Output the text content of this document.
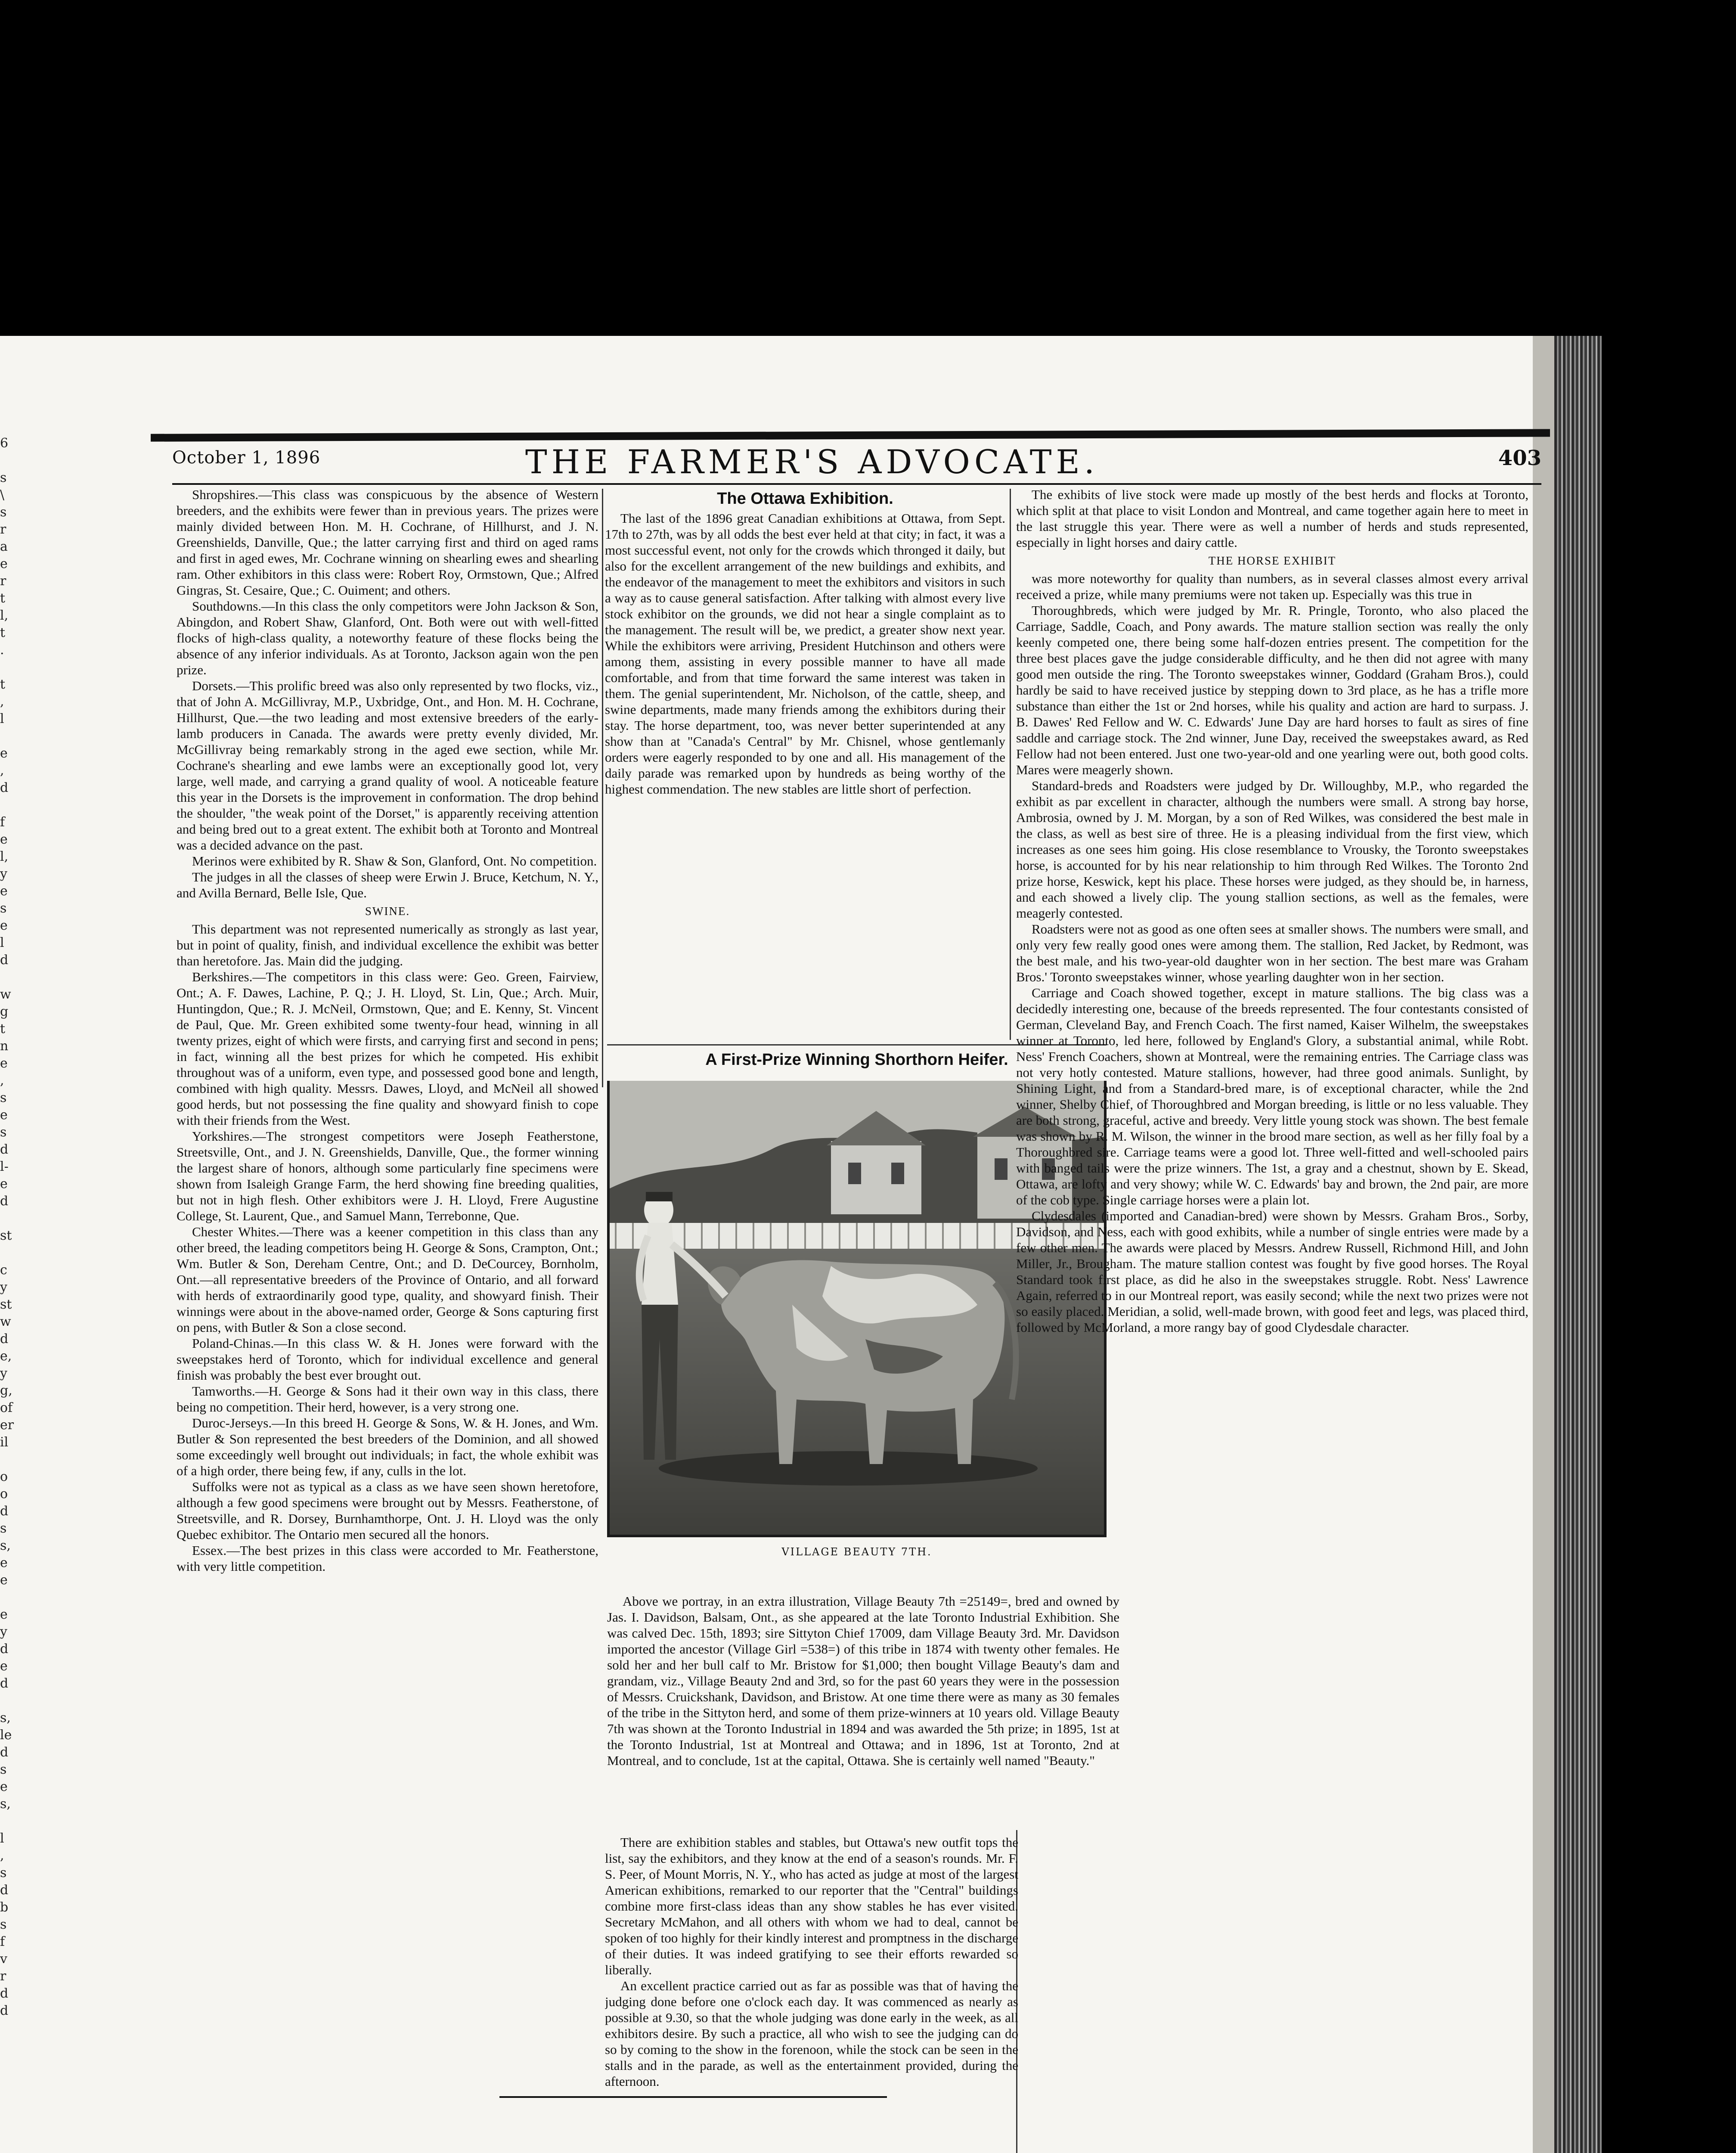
6

s
\
s
r
a
e
r
t
l,
t
.

t
,
l

e
,
d

f
e
l,
y
e
s
e
l
d

w
g
t
n
e
,
s
e
s
d
l-
e
d

st

c
y
st
w
d
e,
y
g,
of
er
il

o
o
d
s
s,
e
e

e
y
d
e
d

s,
le
d
s
e
s,

l
,
s
d
b
s
f
v
r
d
d
October 1, 1896	THE FARMER'S ADVOCATE.	403

Shropshires.—This class was conspicuous by the absence of Western breeders, and the exhibits were fewer than in previous years. The prizes were mainly divided between Hon. M. H. Cochrane, of Hillhurst, and J. N. Greenshields, Danville, Que.; the latter carrying first and third on aged rams and first in aged ewes, Mr. Cochrane winning on shearling ewes and shearling ram. Other exhibitors in this class were: Robert Roy, Ormstown, Que.; Alfred Gingras, St. Cesaire, Que.; C. Ouiment; and others.

Southdowns.—In this class the only competitors were John Jackson & Son, Abingdon, and Robert Shaw, Glanford, Ont. Both were out with well-fitted flocks of high-class quality, a noteworthy feature of these flocks being the absence of any inferior individuals. As at Toronto, Jackson again won the pen prize.

Dorsets.—This prolific breed was also only represented by two flocks, viz., that of John A. McGillivray, M.P., Uxbridge, Ont., and Hon. M. H. Cochrane, Hillhurst, Que.—the two leading and most extensive breeders of the early-lamb producers in Canada. The awards were pretty evenly divided, Mr. McGillivray being remarkably strong in the aged ewe section, while Mr. Cochrane's shearling and ewe lambs were an exceptionally good lot, very large, well made, and carrying a grand quality of wool. A noticeable feature this year in the Dorsets is the improvement in conformation. The drop behind the shoulder, "the weak point of the Dorset," is apparently receiving attention and being bred out to a great extent. The exhibit both at Toronto and Montreal was a decided advance on the past.

Merinos were exhibited by R. Shaw & Son, Glanford, Ont. No competition.

The judges in all the classes of sheep were Erwin J. Bruce, Ketchum, N. Y., and Avilla Bernard, Belle Isle, Que.

SWINE.

This department was not represented numerically as strongly as last year, but in point of quality, finish, and individual excellence the exhibit was better than heretofore. Jas. Main did the judging.

Berkshires.—The competitors in this class were: Geo. Green, Fairview, Ont.; A. F. Dawes, Lachine, P. Q.; J. H. Lloyd, St. Lin, Que.; Arch. Muir, Huntingdon, Que.; R. J. McNeil, Ormstown, Que; and E. Kenny, St. Vincent de Paul, Que. Mr. Green exhibited some twenty-four head, winning in all twenty prizes, eight of which were firsts, and carrying first and second in pens; in fact, winning all the best prizes for which he competed. His exhibit throughout was of a uniform, even type, and possessed good bone and length, combined with high quality. Messrs. Dawes, Lloyd, and McNeil all showed good herds, but not possessing the fine quality and showyard finish to cope with their friends from the West.

Yorkshires.—The strongest competitors were Joseph Featherstone, Streetsville, Ont., and J. N. Greenshields, Danville, Que., the former winning the largest share of honors, although some particularly fine specimens were shown from Isaleigh Grange Farm, the herd showing fine breeding qualities, but not in high flesh. Other exhibitors were J. H. Lloyd, Frere Augustine College, St. Laurent, Que., and Samuel Mann, Terrebonne, Que.

Chester Whites.—There was a keener competition in this class than any other breed, the leading competitors being H. George & Sons, Crampton, Ont.; Wm. Butler & Son, Dereham Centre, Ont.; and D. DeCourcey, Bornholm, Ont.—all representative breeders of the Province of Ontario, and all forward with herds of extraordinarily good type, quality, and showyard finish. Their winnings were about in the above-named order, George & Sons capturing first on pens, with Butler & Son a close second.

Poland-Chinas.—In this class W. & H. Jones were forward with the sweepstakes herd of Toronto, which for individual excellence and general finish was probably the best ever brought out.

Tamworths.—H. George & Sons had it their own way in this class, there being no competition. Their herd, however, is a very strong one.

Duroc-Jerseys.—In this breed H. George & Sons, W. & H. Jones, and Wm. Butler & Son represented the best breeders of the Dominion, and all showed some exceedingly well brought out individuals; in fact, the whole exhibit was of a high order, there being few, if any, culls in the lot.

Suffolks were not as typical as a class as we have seen shown heretofore, although a few good specimens were brought out by Messrs. Featherstone, of Streetsville, and R. Dorsey, Burnhamthorpe, Ont. J. H. Lloyd was the only Quebec exhibitor. The Ontario men secured all the honors.

Essex.—The best prizes in this class were accorded to Mr. Featherstone, with very little competition.

The Ottawa Exhibition.

The last of the 1896 great Canadian exhibitions at Ottawa, from Sept. 17th to 27th, was by all odds the best ever held at that city; in fact, it was a most successful event, not only for the crowds which thronged it daily, but also for the excellent arrangement of the new buildings and exhibits, and the endeavor of the management to meet the exhibitors and visitors in such a way as to cause general satisfaction. After talking with almost every live stock exhibitor on the grounds, we did not hear a single complaint as to the management. The result will be, we predict, a greater show next year. While the exhibitors were arriving, President Hutchinson and others were among them, assisting in every possible manner to have all made comfortable, and from that time forward the same interest was taken in them. The genial superintendent, Mr. Nicholson, of the cattle, sheep, and swine departments, made many friends among the exhibitors during their stay. The horse department, too, was never better superintended at any show than at "Canada's Central" by Mr. Chisnel, whose gentlemanly orders were eagerly responded to by one and all. His management of the daily parade was remarked upon by hundreds as being worthy of the highest commendation. The new stables are little short of perfection.

A First-Prize Winning Shorthorn Heifer.
VILLAGE BEAUTY 7TH.

Above we portray, in an extra illustration, Village Beauty 7th =25149=, bred and owned by Jas. I. Davidson, Balsam, Ont., as she appeared at the late Toronto Industrial Exhibition. She was calved Dec. 15th, 1893; sire Sittyton Chief 17009, dam Village Beauty 3rd. Mr. Davidson imported the ancestor (Village Girl =538=) of this tribe in 1874 with twenty other females. He sold her and her bull calf to Mr. Bristow for $1,000; then bought Village Beauty's dam and grandam, viz., Village Beauty 2nd and 3rd, so for the past 60 years they were in the possession of Messrs. Cruickshank, Davidson, and Bristow. At one time there were as many as 30 females of the tribe in the Sittyton herd, and some of them prize-winners at 10 years old. Village Beauty 7th was shown at the Toronto Industrial in 1894 and was awarded the 5th prize; in 1895, 1st at the Toronto Industrial, 1st at Montreal and Ottawa; and in 1896, 1st at Toronto, 2nd at Montreal, and to conclude, 1st at the capital, Ottawa. She is certainly well named "Beauty."

There are exhibition stables and stables, but Ottawa's new outfit tops the list, say the exhibitors, and they know at the end of a season's rounds. Mr. F. S. Peer, of Mount Morris, N. Y., who has acted as judge at most of the largest American exhibitions, remarked to our reporter that the "Central" buildings combine more first-class ideas than any show stables he has ever visited. Secretary McMahon, and all others with whom we had to deal, cannot be spoken of too highly for their kindly interest and promptness in the discharge of their duties. It was indeed gratifying to see their efforts rewarded so liberally.

An excellent practice carried out as far as possible was that of having the judging done before one o'clock each day. It was commenced as nearly as possible at 9.30, so that the whole judging was done early in the week, as all exhibitors desire. By such a practice, all who wish to see the judging can do so by coming to the show in the forenoon, while the stock can be seen in the stalls and in the parade, as well as the entertainment provided, during the afternoon.

The exhibits of live stock were made up mostly of the best herds and flocks at Toronto, which split at that place to visit London and Montreal, and came together again here to meet in the last struggle this year. There were as well a number of herds and studs represented, especially in light horses and dairy cattle.

THE HORSE EXHIBIT

was more noteworthy for quality than numbers, as in several classes almost every arrival received a prize, while many premiums were not taken up. Especially was this true in

Thoroughbreds, which were judged by Mr. R. Pringle, Toronto, who also placed the Carriage, Saddle, Coach, and Pony awards. The mature stallion section was really the only keenly competed one, there being some half-dozen entries present. The competition for the three best places gave the judge considerable difficulty, and he then did not agree with many good men outside the ring. The Toronto sweepstakes winner, Goddard (Graham Bros.), could hardly be said to have received justice by stepping down to 3rd place, as he has a trifle more substance than either the 1st or 2nd horses, while his quality and action are hard to surpass. J. B. Dawes' Red Fellow and W. C. Edwards' June Day are hard horses to fault as sires of fine saddle and carriage stock. The 2nd winner, June Day, received the sweepstakes award, as Red Fellow had not been entered. Just one two-year-old and one yearling were out, both good colts. Mares were meagerly shown.

Standard-breds and Roadsters were judged by Dr. Willoughby, M.P., who regarded the exhibit as par excellent in character, although the numbers were small. A strong bay horse, Ambrosia, owned by J. M. Morgan, by a son of Red Wilkes, was considered the best male in the class, as well as best sire of three. He is a pleasing individual from the first view, which increases as one sees him going. His close resemblance to Vrousky, the Toronto sweepstakes horse, is accounted for by his near relationship to him through Red Wilkes. The Toronto 2nd prize horse, Keswick, kept his place. These horses were judged, as they should be, in harness, and each showed a lively clip. The young stallion sections, as well as the females, were meagerly contested.

Roadsters were not as good as one often sees at smaller shows. The numbers were small, and only very few really good ones were among them. The stallion, Red Jacket, by Redmont, was the best male, and his two-year-old daughter won in her section. The best mare was Graham Bros.' Toronto sweepstakes winner, whose yearling daughter won in her section.

Carriage and Coach showed together, except in mature stallions. The big class was a decidedly interesting one, because of the breeds represented. The four contestants consisted of German, Cleveland Bay, and French Coach. The first named, Kaiser Wilhelm, the sweepstakes winner at Toronto, led here, followed by England's Glory, a substantial animal, while Robt. Ness' French Coachers, shown at Montreal, were the remaining entries. The Carriage class was not very hotly contested. Mature stallions, however, had three good animals. Sunlight, by Shining Light, and from a Standard-bred mare, is of exceptional character, while the 2nd winner, Shelby Chief, of Thoroughbred and Morgan breeding, is little or no less valuable. They are both strong, graceful, active and breedy. Very little young stock was shown. The best female was shown by R. M. Wilson, the winner in the brood mare section, as well as her filly foal by a Thoroughbred sire. Carriage teams were a good lot. Three well-fitted and well-schooled pairs with banged tails were the prize winners. The 1st, a gray and a chestnut, shown by E. Skead, Ottawa, are lofty and very showy; while W. C. Edwards' bay and brown, the 2nd pair, are more of the cob type. Single carriage horses were a plain lot.

Clydesdales (imported and Canadian-bred) were shown by Messrs. Graham Bros., Sorby, Davidson, and Ness, each with good exhibits, while a number of single entries were made by a few other men. The awards were placed by Messrs. Andrew Russell, Richmond Hill, and John Miller, Jr., Brougham. The mature stallion contest was fought by five good horses. The Royal Standard took first place, as did he also in the sweepstakes struggle. Robt. Ness' Lawrence Again, referred to in our Montreal report, was easily second; while the next two prizes were not so easily placed. Meridian, a solid, well-made brown, with good feet and legs, was placed third, followed by McMorland, a more rangy bay of good Clydesdale character.
